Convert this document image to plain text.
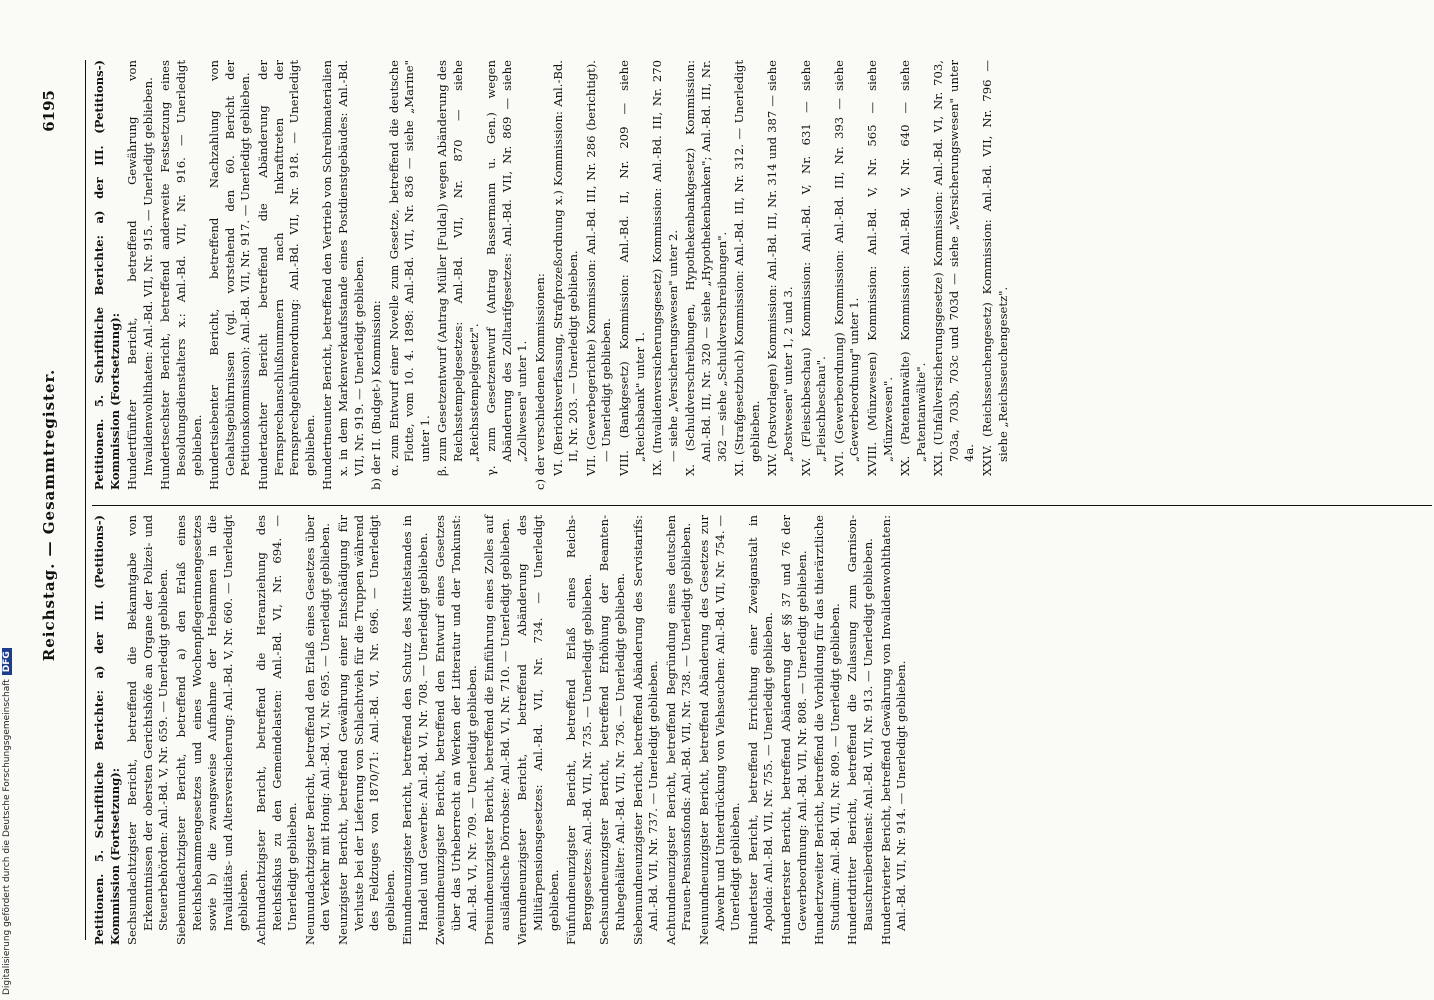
Reichstag. — Gesammtregister.
6195

Petitionen. 5. Schriftliche Berichte: a) der III. (Petitions-) Kommission (Fortsetzung): Sechsundachtzigster Bericht, betreffend die Bekanntgabe von Erkenntnissen der obersten Gerichtshöfe an Organe der Polizei- und Steuerbehörden: Anl.-Bd. V, Nr. 659. — Unerledigt geblieben. Siebenundachtzigster Bericht, betreffend a) den Erlaß eines Reichshebammengesetzes und eines Wochenpflegerinnengesetzes sowie b) die zwangsweise Aufnahme der Hebammen in die Invaliditäts- und Altersversicherung: Anl.-Bd. V, Nr. 660. — Unerledigt geblieben. Achtundachtzigster Bericht, betreffend die Heranziehung des Reichsfiskus zu den Gemeindelasten: Anl.-Bd. VI, Nr. 694. — Unerledigt geblieben. Neunundachtzigster Bericht, betreffend den Erlaß eines Gesetzes über den Verkehr mit Honig: Anl.-Bd. VI, Nr. 695. — Unerledigt geblieben. Neunzigster Bericht, betreffend Gewährung einer Entschädigung für Verluste bei der Lieferung von Schlachtvieh für die Truppen während des Feldzuges von 1870/71: Anl.-Bd. VI, Nr. 696. — Unerledigt geblieben. Einundneunzigster Bericht, betreffend den Schutz des Mittelstandes in Handel und Gewerbe: Anl.-Bd. VI, Nr. 708. — Unerledigt geblieben. Zweiundneunzigster Bericht, betreffend den Entwurf eines Gesetzes über das Urheberrecht an Werken der Litteratur und der Tonkunst: Anl.-Bd. VI, Nr. 709. — Unerledigt geblieben. Dreiundneunzigster Bericht, betreffend die Einführung eines Zolles auf ausländische Dörrobste: Anl.-Bd. VI, Nr. 710. — Unerledigt geblieben. Vierundneunzigster Bericht, betreffend Abänderung des Militärpensionsgesetzes: Anl.-Bd. VII, Nr. 734. — Unerledigt geblieben. Fünfundneunzigster Bericht, betreffend Erlaß eines Reichs-Berggesetzes: Anl.-Bd. VII, Nr. 735. — Unerledigt geblieben. Sechsundneunzigster Bericht, betreffend Erhöhung der Beamten-Ruhegehälter: Anl.-Bd. VII, Nr. 736. — Unerledigt geblieben. Siebenundneunzigster Bericht, betreffend Abänderung des Servistarifs: Anl.-Bd. VII, Nr. 737. — Unerledigt geblieben. Achtundneunzigster Bericht, betreffend Begründung eines deutschen Frauen-Pensionsfonds: Anl.-Bd. VII, Nr. 738. — Unerledigt geblieben. Neunundneunzigster Bericht, betreffend Abänderung des Gesetzes zur Abwehr und Unterdrückung von Viehseuchen: Anl.-Bd. VII, Nr. 754. — Unerledigt geblieben. Hundertster Bericht, betreffend Errichtung einer Zweiganstalt in Apolda: Anl.-Bd. VII, Nr. 755. — Unerledigt geblieben. Hunderterster Bericht, betreffend Abänderung der §§ 37 und 76 der Gewerbeordnung: Anl.-Bd. VII, Nr. 808. — Unerledigt geblieben. Hundertzweiter Bericht, betreffend die Vorbildung für das thierärztliche Studium: Anl.-Bd. VII, Nr. 809. — Unerledigt geblieben. Hundertdritter Bericht, betreffend die Zulassung zum Garnison-Bauschreiberdienst: Anl.-Bd. VII, Nr. 913. — Unerledigt geblieben. Hundertvierter Bericht, betreffend Gewährung von Invalidenwohlthaten: Anl.-Bd. VII, Nr. 914. — Unerledigt geblieben.

Petitionen. 5. Schriftliche Berichte: a) der III. (Petitions-) Kommission (Fortsetzung): Hundertfünfter Bericht, betreffend Gewährung von Invalidenwohlthaten: Anl.-Bd. VII, Nr. 915. — Unerledigt geblieben. Hundertsechster Bericht, betreffend anderweite Festsetzung eines Besoldungsdienstalters x.: Anl.-Bd. VII, Nr. 916. — Unerledigt geblieben. Hundertsiebenter Bericht, betreffend Nachzahlung von Gehaltsgebührnissen (vgl. vorstehend den 60. Bericht der Petitionskommission): Anl.-Bd. VII, Nr. 917. — Unerledigt geblieben. Hundertachter Bericht betreffend die Abänderung der Fernsprechanschlußnummern nach Inkrafttreten der Fernsprechgebührenordnung: Anl.-Bd. VII, Nr. 918. — Unerledigt geblieben. Hundertneunter Bericht, betreffend den Vertrieb von Schreibmaterialien x. in dem Markenverkaufsstande eines Postdienstgebäudes: Anl.-Bd. VII, Nr. 919. — Unerledigt geblieben. b) der II. (Budget-) Kommission: α. zum Entwurf einer Novelle zum Gesetze, betreffend die deutsche Flotte, vom 10. 4. 1898: Anl.-Bd. VII, Nr. 836 — siehe „Marine" unter 1. β. zum Gesetzentwurf (Antrag Müller [Fulda]) wegen Abänderung des Reichsstempelgesetzes: Anl.-Bd. VII, Nr. 870 — siehe „Reichsstempelgesetz". γ. zum Gesetzentwurf (Antrag Bassermann u. Gen.) wegen Abänderung des Zolltarifgesetzes: Anl.-Bd. VII, Nr. 869 — siehe „Zollwesen" unter 1. c) der verschiedenen Kommissionen: VI. (Berichtsverfassung, Strafprozeßordnung x.) Kommission: Anl.-Bd. II, Nr. 203. — Unerledigt geblieben. VII. (Gewerbegerichte) Kommission: Anl.-Bd. III, Nr. 286 (berichtigt). — Unerledigt geblieben. VIII. (Bankgesetz) Kommission: Anl.-Bd. II, Nr. 209 — siehe „Reichsbank" unter 1. IX. (Invalidenversicherungsgesetz) Kommission: Anl.-Bd. III, Nr. 270 — siehe „Versicherungswesen" unter 2. X. (Schuldverschreibungen, Hypothekenbankgesetz) Kommission: Anl.-Bd. III, Nr. 320 — siehe „Hypothekenbanken"; Anl.-Bd. III, Nr. 362 — siehe „Schuldverschreibungen". XI. (Strafgesetzbuch) Kommission: Anl.-Bd. III, Nr. 312. — Unerledigt geblieben. XIV. (Postvorlagen) Kommission: Anl.-Bd. III, Nr. 314 und 387 — siehe „Postwesen" unter 1, 2 und 3. XV. (Fleischbeschau) Kommission: Anl.-Bd. V, Nr. 631 — siehe „Fleischbeschau". XVI. (Gewerbeordnung) Kommission: Anl.-Bd. III, Nr. 393 — siehe „Gewerbeordnung" unter 1. XVIII. (Münzwesen) Kommission: Anl.-Bd. V, Nr. 565 — siehe „Münzwesen". XX. (Patentanwälte) Kommission: Anl.-Bd. V, Nr. 640 — siehe „Patentanwälte". XXI. (Unfallversicherungsgesetze) Kommission: Anl.-Bd. VI, Nr. 703, 703a, 703b, 703c und 703d — siehe „Versicherungswesen" unter 4a. XXIV. (Reichsseuchengesetz) Kommission: Anl.-Bd. VII, Nr. 796 — siehe „Reichsseuchengesetz".

Digitalisierung gefördert durch die Deutsche ForschungsgemeinschaftDFG
